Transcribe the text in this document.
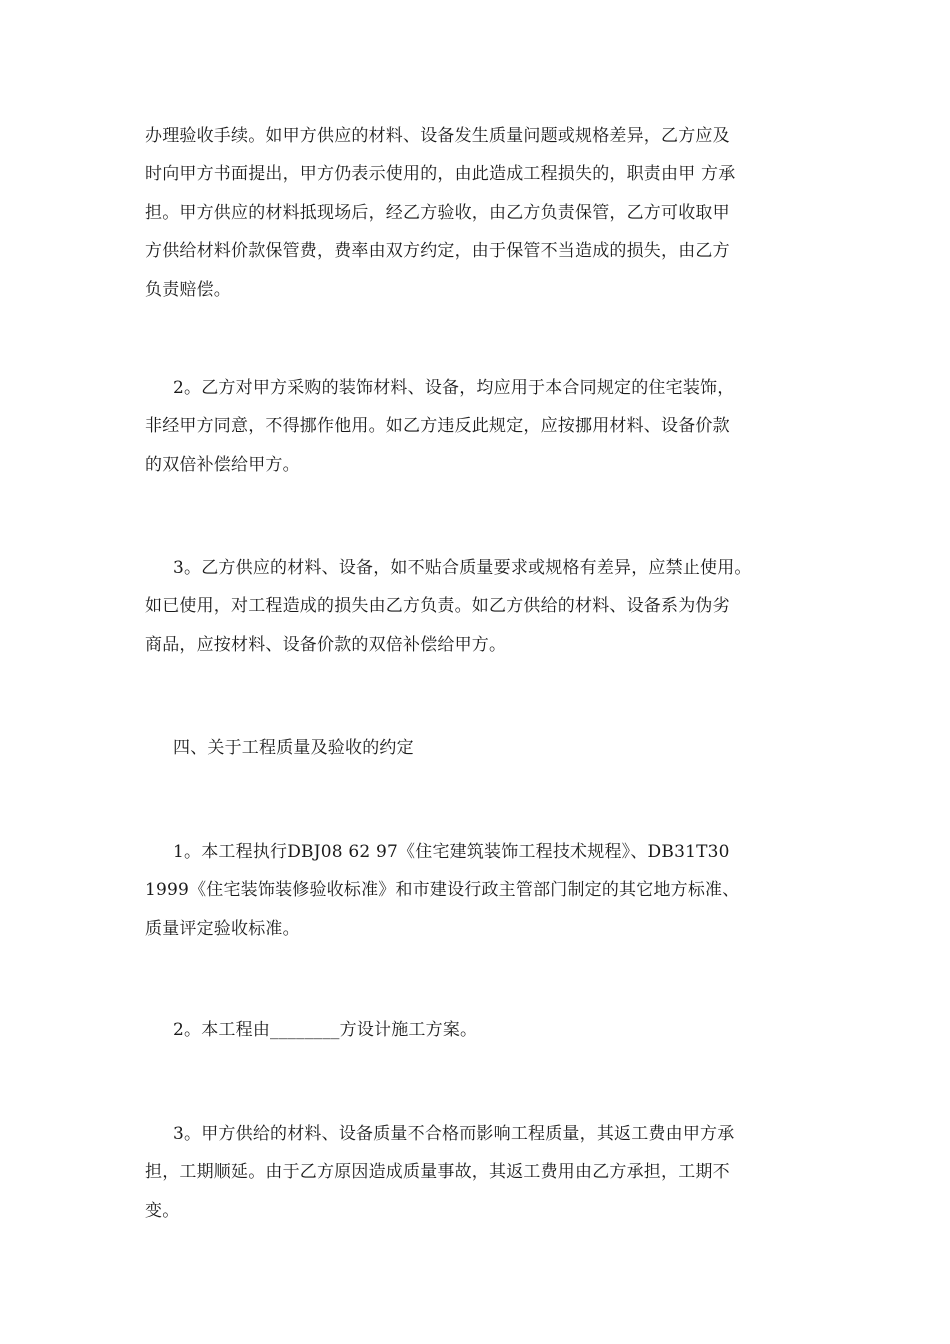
办理验收手续。如甲方供应的材料、设备发生质量问题或规格差异，乙方应及
时向甲方书面提出，甲方仍表示使用的，由此造成工程损失的，职责由甲 方承
担。甲方供应的材料抵现场后，经乙方验收，由乙方负责保管，乙方可收取甲
方供给材料价款保管费，费率由双方约定，由于保管不当造成的损失，由乙方
负责赔偿。

2。乙方对甲方采购的装饰材料、设备，均应用于本合同规定的住宅装饰，
非经甲方同意，不得挪作他用。如乙方违反此规定，应按挪用材料、设备价款
的双倍补偿给甲方。

3。乙方供应的材料、设备，如不贴合质量要求或规格有差异，应禁止使用。
如已使用，对工程造成的损失由乙方负责。如乙方供给的材料、设备系为伪劣
商品，应按材料、设备价款的双倍补偿给甲方。

四、关于工程质量及验收的约定

1。本工程执行DBJ08 62 97《住宅建筑装饰工程技术规程》、DB31T30
1999《住宅装饰装修验收标准》和市建设行政主管部门制定的其它地方标准、
质量评定验收标准。

2。本工程由________方设计施工方案。

3。甲方供给的材料、设备质量不合格而影响工程质量，其返工费由甲方承
担，工期顺延。由于乙方原因造成质量事故，其返工费用由乙方承担，工期不
变。
